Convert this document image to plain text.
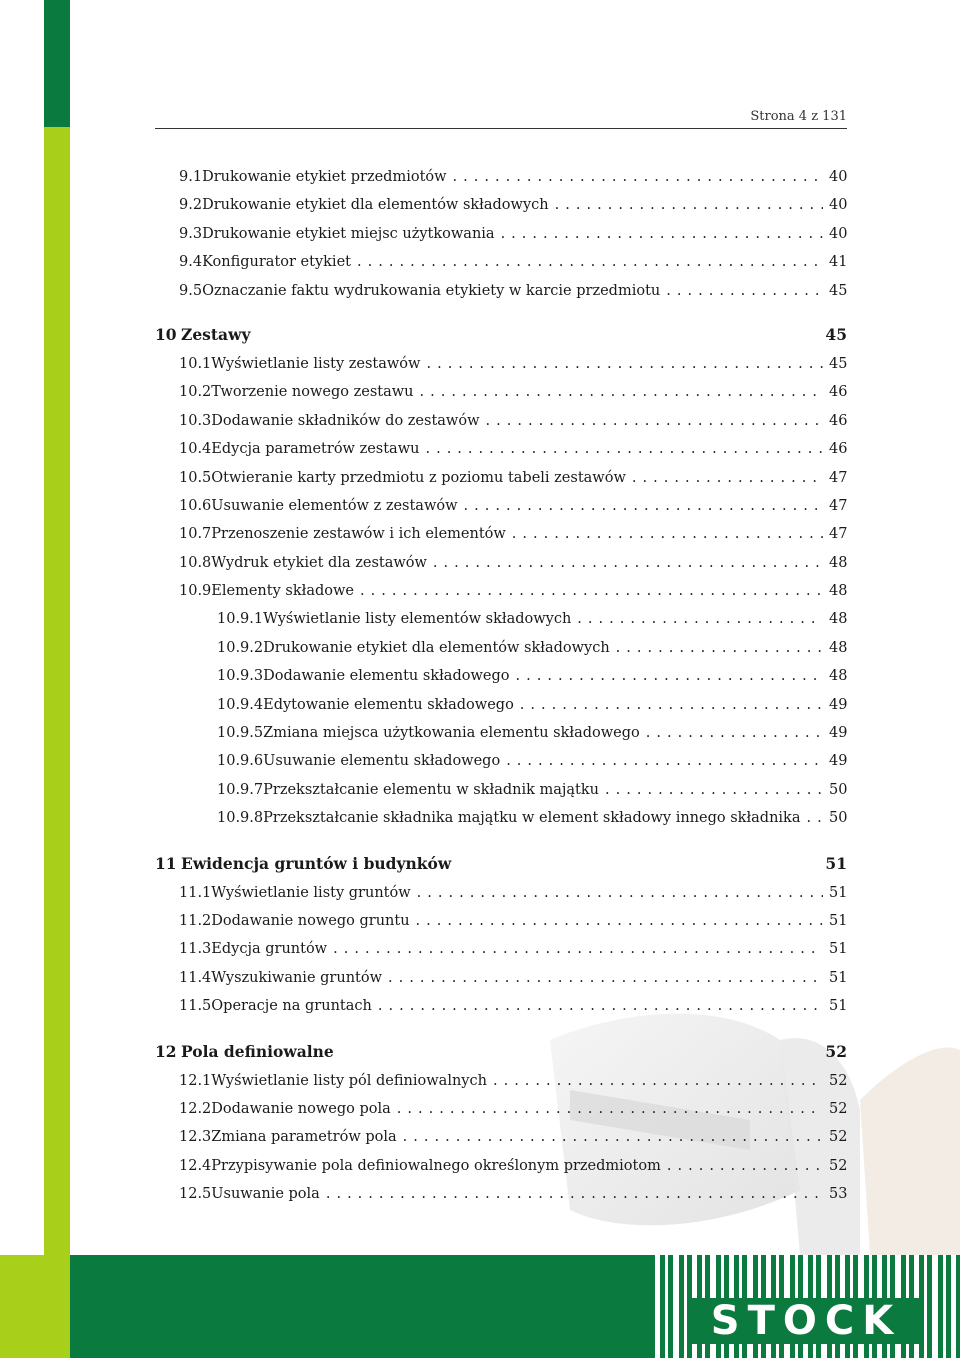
STOCK
Strona 4 z 131
9.1 Drukowanie etykiet przedmiotów . . .	40
9.2 Drukowanie etykiet dla elementów składowych . . .	40
9.3 Drukowanie etykiet miejsc użytkowania . . .	40
9.4 Konfigurator etykiet . . .	41
9.5 Oznaczanie faktu wydrukowania etykiety w karcie przedmiotu . . .	45
10 Zestawy	45
10.1 Wyświetlanie listy zestawów . . .	45
10.2 Tworzenie nowego zestawu . . .	46
10.3 Dodawanie składników do zestawów . . .	46
10.4 Edycja parametrów zestawu . . .	46
10.5 Otwieranie karty przedmiotu z poziomu tabeli zestawów . . .	47
10.6 Usuwanie elementów z zestawów . . .	47
10.7 Przenoszenie zestawów i ich elementów . . .	47
10.8 Wydruk etykiet dla zestawów . . .	48
10.9 Elementy składowe . . .	48
10.9.1 Wyświetlanie listy elementów składowych . . .	48
10.9.2 Drukowanie etykiet dla elementów składowych . . .	48
10.9.3 Dodawanie elementu składowego . . .	48
10.9.4 Edytowanie elementu składowego . . .	49
10.9.5 Zmiana miejsca użytkowania elementu składowego . . .	49
10.9.6 Usuwanie elementu składowego . . .	49
10.9.7 Przekształcanie elementu w składnik majątku . . .	50
10.9.8 Przekształcanie składnika majątku w element składowy innego składnika . . . 50
11 Ewidencja gruntów i budynków	51
11.1 Wyświetlanie listy gruntów . . .	51
11.2 Dodawanie nowego gruntu . . .	51
11.3 Edycja gruntów . . .	51
11.4 Wyszukiwanie gruntów . . .	51
11.5 Operacje na gruntach . . .	51
12 Pola definiowalne	52
12.1 Wyświetlanie listy pól definiowalnych . . .	52
12.2 Dodawanie nowego pola . . .	52
12.3 Zmiana parametrów pola . . .	52
12.4 Przypisywanie pola definiowalnego określonym przedmiotom . . .	52
12.5 Usuwanie pola . . .	53
